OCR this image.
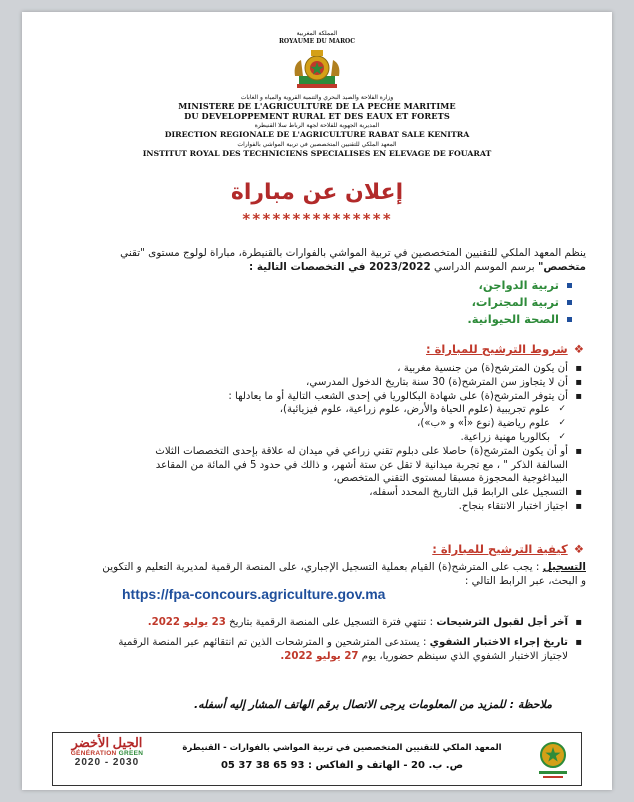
المملكة المغربية
ROYAUME DU MAROC
وزارة الفلاحة والصيد البحري والتنمية القروية والمياه و الغابات
MINISTERE DE L'AGRICULTURE DE LA PECHE MARITIME
DU DEVELOPPEMENT RURAL ET DES EAUX ET FORETS
المديرية الجهوية للفلاحة لجهة الرباط سلا القنيطرة
DIRECTION REGIONALE DE L'AGRICULTURE RABAT SALE KENITRA
المعهد الملكي للتقنيين المتخصصين في تربية المواشي بالفوارات
INSTITUT ROYAL DES TECHNICIENS SPECIALISES EN ELEVAGE DE FOUARAT
إعلان عن مباراة
***************
ينظم المعهد الملكي للتقنيين المتخصصين في تربية المواشي بالفوارات بالقنيطرة، مباراة لولوج مستوى "تقني
متخصص" برسم الموسم الدراسي 2023/2022 في التخصصات التالية :
تربية الدواجن،
تربية المجترات،
الصحة الحيوانية.
❖شروط الترشيح للمباراة :
▪ أن يكون المترشح(ة) من جنسية مغربية ،
▪ أن لا يتجاوز سن المترشح(ة) 30 سنة بتاريخ الدخول المدرسي،
▪ أن يتوفر المترشح(ة) على شهادة البكالوريا في إحدى الشعب التالية أو ما يعادلها :
✓ علوم تجريبية (علوم الحياة والأرض، علوم زراعية، علوم فيزيائية)،
✓ علوم رياضية (نوع «أ» و «ب»)،
✓ بكالوريا مهنية زراعية.
▪ أو أن يكون المترشح(ة) حاصلا على دبلوم تقني زراعي في ميدان له علاقة بإحدى التخصصات الثلاث
السالفة الذكر " ، مع تجربة ميدانية لا تقل عن ستة أشهر، و ذالك في حدود 5 في المائة من المقاعد
البيداغوجية المحجوزة مسبقا لمستوى التقني المتخصص،
▪ التسجيل على الرابط قبل التاريخ المحدد أسفله،
▪ اجتياز اختبار الانتقاء بنجاح.
❖كيفية الترشيح للمباراة :
التسجيل : يجب على المترشح(ة) القيام بعملية التسجيل الإجباري، على المنصة الرقمية لمديرية التعليم و التكوين
و البحث، عبر الرابط التالي :
https://fpa-concours.agriculture.gov.ma
▪ آخر أجل لقبول الترشيحات : تنتهي فترة التسجيل على المنصة الرقمية بتاريخ 23 يوليو 2022.
▪ تاريخ إجراء الاختبار الشفوي : يستدعى المترشحين و المترشحات الذين تم انتقائهم عبر المنصة الرقمية
لاجتياز الاختبار الشفوي الذي سينظم حضوريا، يوم 27 يوليو 2022.
ملاحظة : للمزيد من المعلومات يرجى الاتصال برقم الهاتف المشار إليه أسفله.
الجيل الأخضر
GÉNÉRATION GREEN
2020 - 2030
المعهد الملكي للتقنيين المتخصصين في تربية المواشي بالفوارات - القنيطرة
ص. ب. 20 - الهاتف و الفاكس : 93 65 38 37 05
